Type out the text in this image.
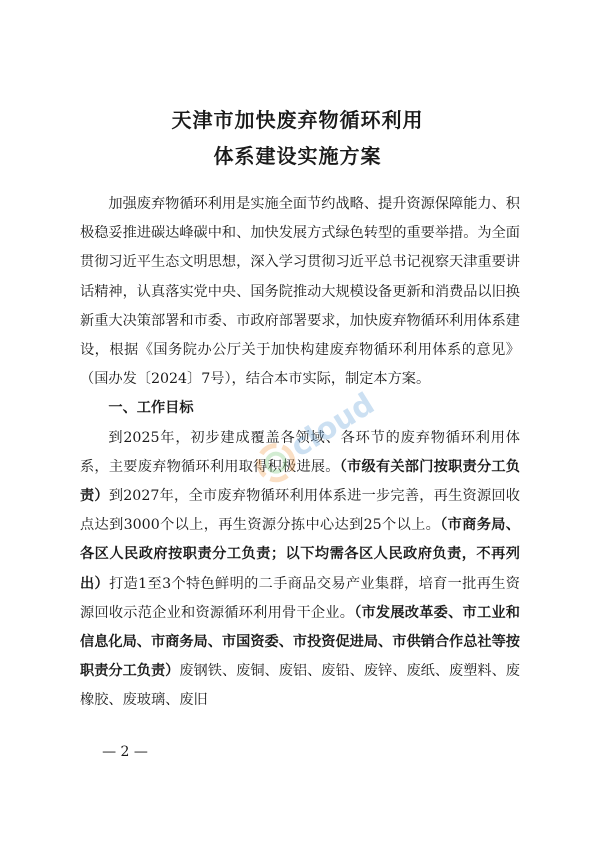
天津市加快废弃物循环利用
体系建设实施方案

加强废弃物循环利用是实施全面节约战略、提升资源保障能力、积极稳妥推进碳达峰碳中和、加快发展方式绿色转型的重要举措。为全面贯彻习近平生态文明思想，深入学习贯彻习近平总书记视察天津重要讲话精神，认真落实党中央、国务院推动大规模设备更新和消费品以旧换新重大决策部署和市委、市政府部署要求，加快废弃物循环利用体系建设，根据《国务院办公厅关于加快构建废弃物循环利用体系的意见》（国办发〔2024〕7号），结合本市实际，制定本方案。

一、工作目标

到2025年，初步建成覆盖各领域、各环节的废弃物循环利用体系，主要废弃物循环利用取得积极进展。（市级有关部门按职责分工负责）到2027年，全市废弃物循环利用体系进一步完善，再生资源回收点达到3000个以上，再生资源分拣中心达到25个以上。（市商务局、各区人民政府按职责分工负责；以下均需各区人民政府负责，不再列出）打造1至3个特色鲜明的二手商品交易产业集群，培育一批再生资源回收示范企业和资源循环利用骨干企业。（市发展改革委、市工业和信息化局、市商务局、市国资委、市投资促进局、市供销合作总社等按职责分工负责）废钢铁、废铜、废铝、废铅、废锌、废纸、废塑料、废橡胶、废玻璃、废旧

cloud
— 2 —
